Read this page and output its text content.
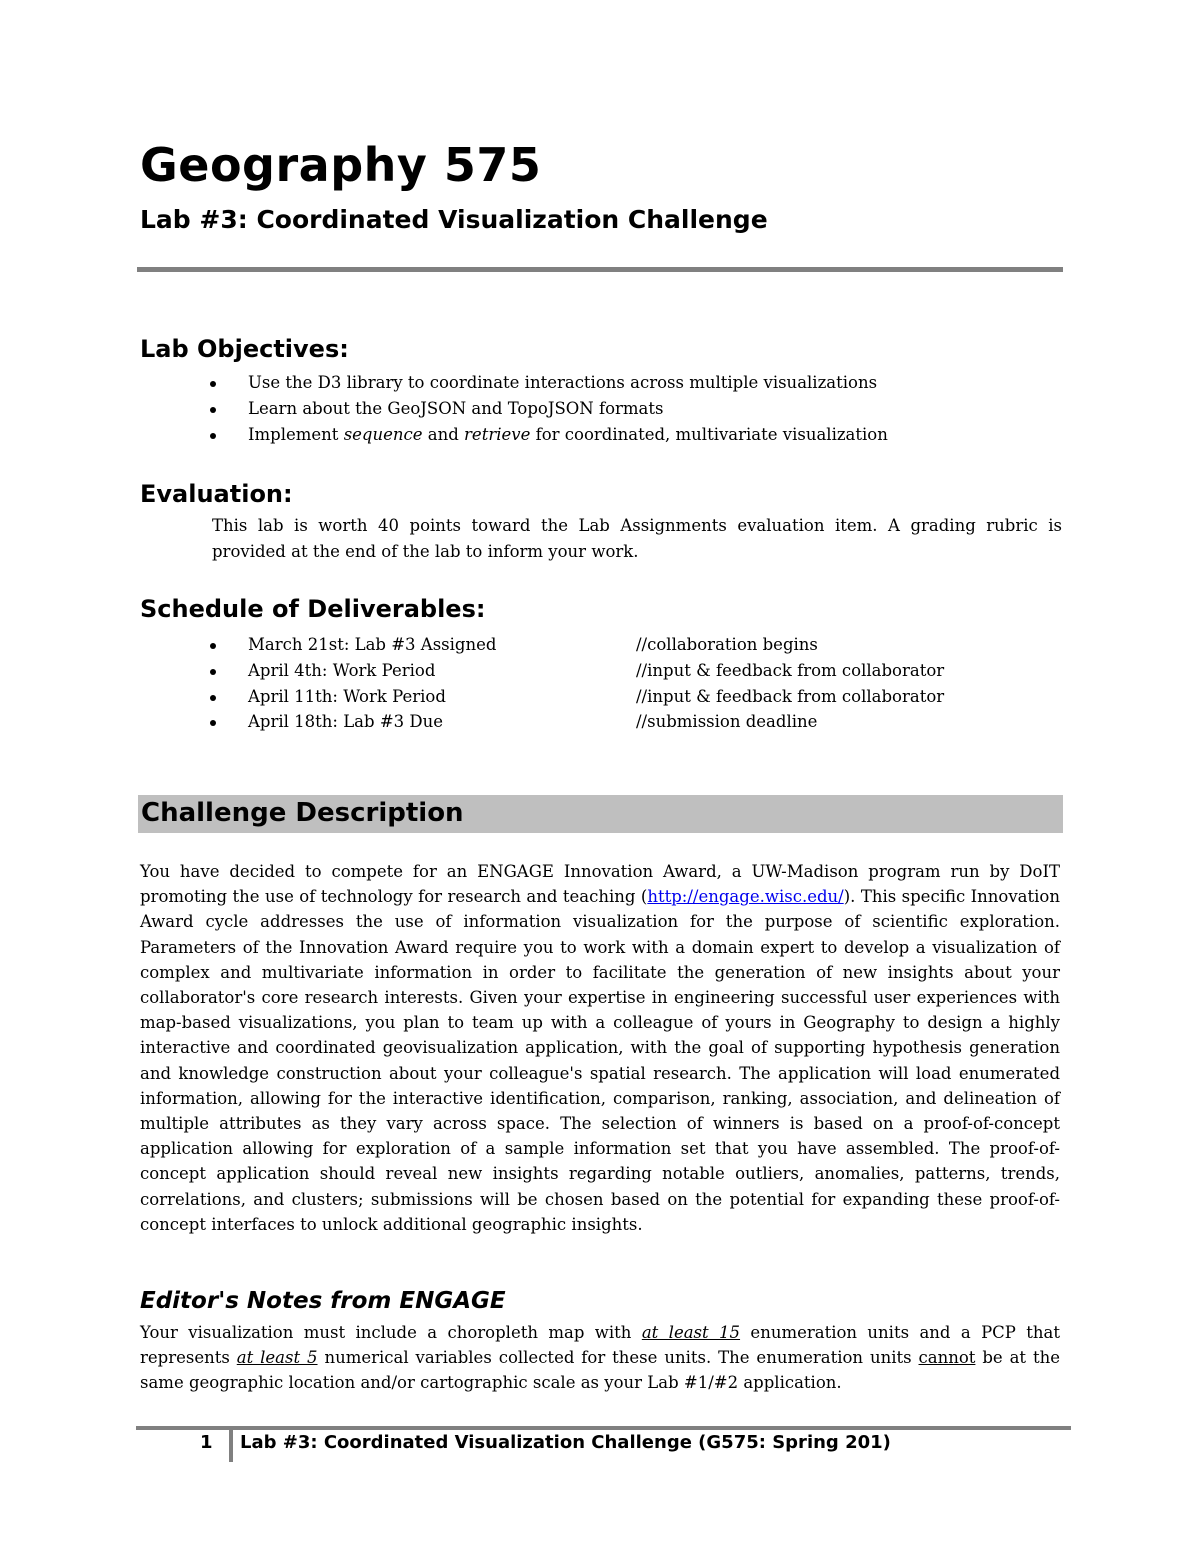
Geography 575
Lab #3: Coordinated Visualization Challenge
Lab Objectives:
Use the D3 library to coordinate interactions across multiple visualizations
Learn about the GeoJSON and TopoJSON formats
Implement sequence and retrieve for coordinated, multivariate visualization
Evaluation:

This lab is worth 40 points toward the Lab Assignments evaluation item. A grading rubric is provided at the end of the lab to inform your work.

Schedule of Deliverables:
March 21st: Lab #3 Assigned	//collaboration begins
April 4th: Work Period	//input & feedback from collaborator
April 11th: Work Period	//input & feedback from collaborator
April 18th: Lab #3 Due	//submission deadline
Challenge Description

You have decided to compete for an ENGAGE Innovation Award, a UW-Madison program run by DoIT promoting the use of technology for research and teaching (http://engage.wisc.edu/). This specific Innovation Award cycle addresses the use of information visualization for the purpose of scientific exploration. Parameters of the Innovation Award require you to work with a domain expert to develop a visualization of complex and multivariate information in order to facilitate the generation of new insights about your collaborator's core research interests. Given your expertise in engineering successful user experiences with map-based visualizations, you plan to team up with a colleague of yours in Geography to design a highly interactive and coordinated geovisualization application, with the goal of supporting hypothesis generation and knowledge construction about your colleague's spatial research. The application will load enumerated information, allowing for the interactive identification, comparison, ranking, association, and delineation of multiple attributes as they vary across space. The selection of winners is based on a proof-of-concept application allowing for exploration of a sample information set that you have assembled. The proof-of-concept application should reveal new insights regarding notable outliers, anomalies, patterns, trends, correlations, and clusters; submissions will be chosen based on the potential for expanding these proof-of-concept interfaces to unlock additional geographic insights.

Editor's Notes from ENGAGE

Your visualization must include a choropleth map with at least 15 enumeration units and a PCP that represents at least 5 numerical variables collected for these units. The enumeration units cannot be at the same geographic location and/or cartographic scale as your Lab #1/#2 application.

1 Lab #3: Coordinated Visualization Challenge (G575: Spring 201)
